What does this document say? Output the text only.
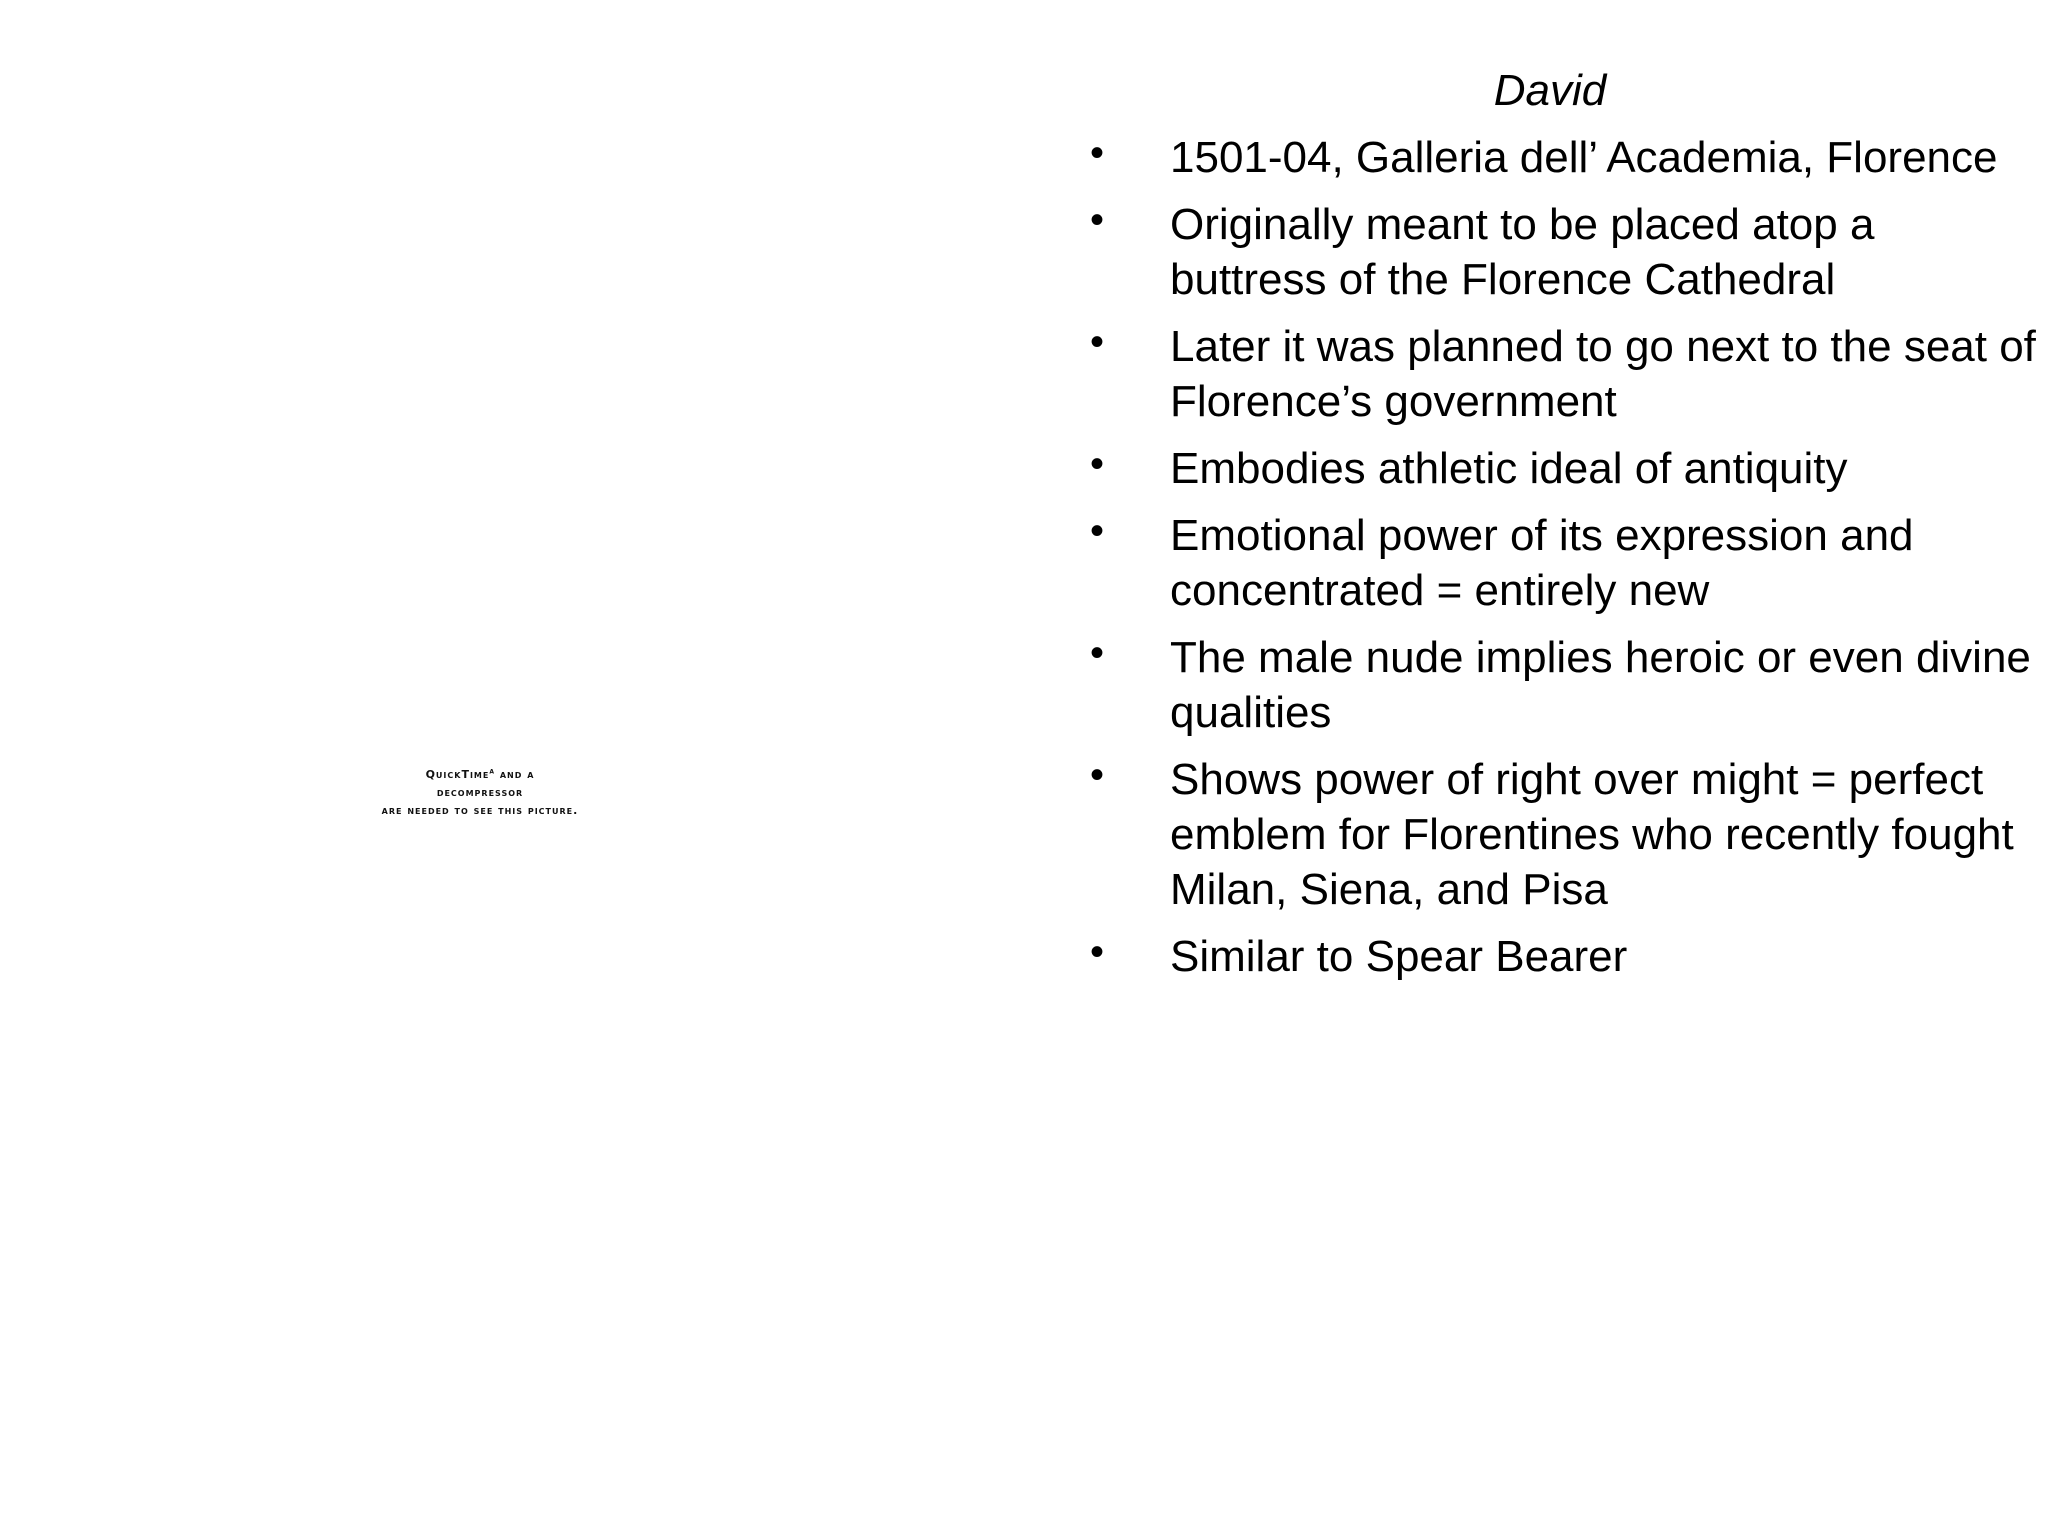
QuickTime$^a$ and a
decompressor
are needed to see this picture.
David
• 1501-04, Galleria dell’ Academia, Florence
• Originally meant to be placed atop a buttress of the Florence Cathedral
• Later it was planned to go next to the seat of Florence’s government
• Embodies athletic ideal of antiquity
• Emotional power of its expression and concentrated = entirely new
• The male nude implies heroic or even divine qualities
• Shows power of right over might = perfect emblem for Florentines who recently fought Milan, Siena, and Pisa
• Similar to Spear Bearer
